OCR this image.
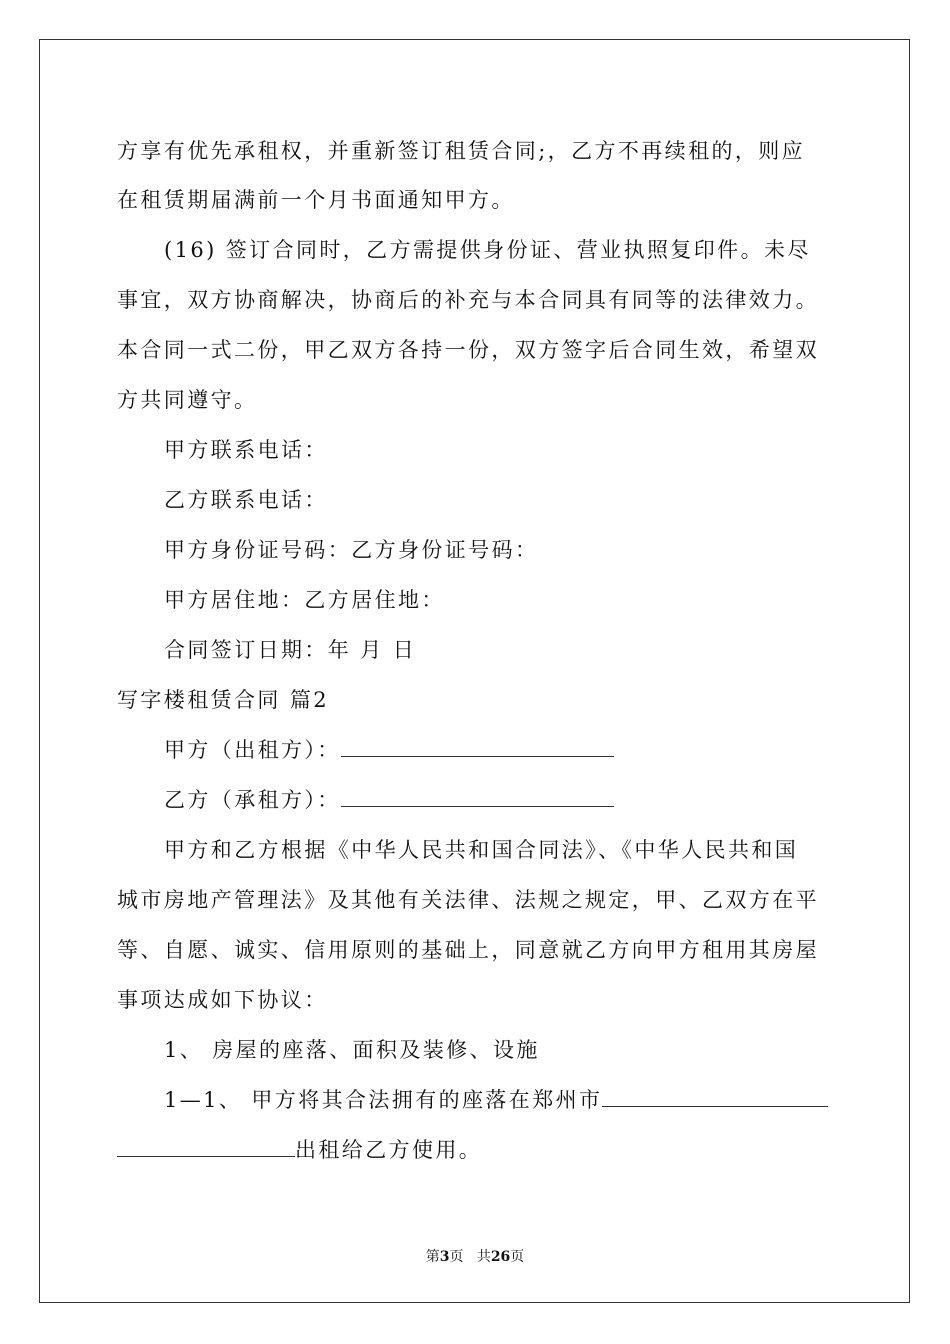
方享有优先承租权，并重新签订租赁合同;，乙方不再续租的，则应
在租赁期届满前一个月书面通知甲方。
(16) 签订合同时，乙方需提供身份证、营业执照复印件。未尽
事宜，双方协商解决，协商后的补充与本合同具有同等的法律效力。
本合同一式二份，甲乙双方各持一份，双方签字后合同生效，希望双
方共同遵守。
甲方联系电话：
乙方联系电话：
甲方身份证号码：乙方身份证号码：
甲方居住地：乙方居住地：
合同签订日期：年 月 日
写字楼租赁合同 篇2
甲方（出租方）：
乙方（承租方）：
甲方和乙方根据《中华人民共和国合同法》、《中华人民共和国
城市房地产管理法》及其他有关法律、法规之规定，甲、乙双方在平
等、自愿、诚实、信用原则的基础上，同意就乙方向甲方租用其房屋
事项达成如下协议：
1、 房屋的座落、面积及装修、设施
1—1、 甲方将其合法拥有的座落在郑州市
出租给乙方使用。
第3页 共26页
